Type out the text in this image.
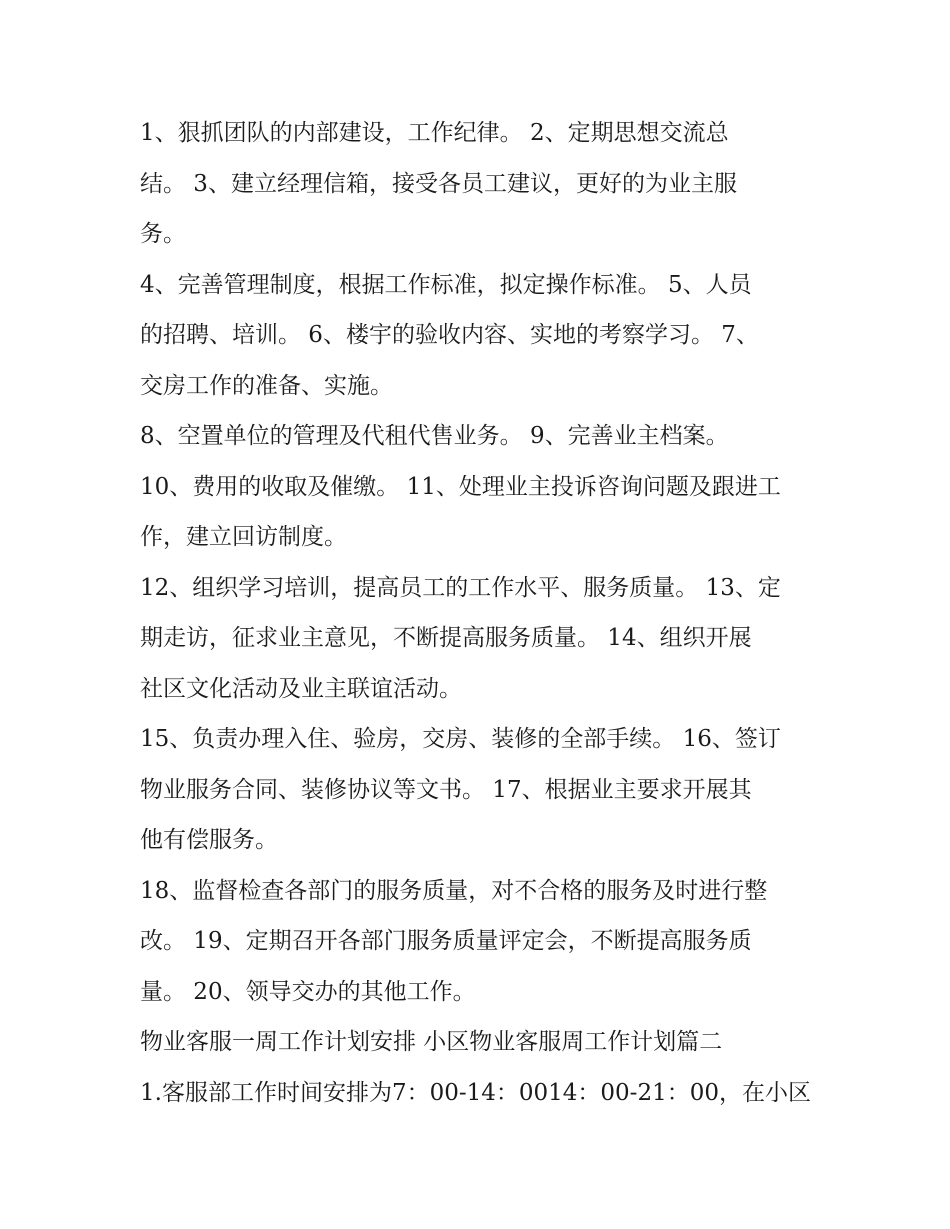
1、狠抓团队的内部建设，工作纪律。 2、定期思想交流总
结。 3、建立经理信箱，接受各员工建议，更好的为业主服
务。
4、完善管理制度，根据工作标准，拟定操作标准。 5、人员
的招聘、培训。 6、楼宇的验收内容、实地的考察学习。 7、
交房工作的准备、实施。
8、空置单位的管理及代租代售业务。 9、完善业主档案。
10、费用的收取及催缴。 11、处理业主投诉咨询问题及跟进工
作，建立回访制度。
12、组织学习培训，提高员工的工作水平、服务质量。 13、定
期走访，征求业主意见，不断提高服务质量。 14、组织开展
社区文化活动及业主联谊活动。
15、负责办理入住、验房，交房、装修的全部手续。 16、签订
物业服务合同、装修协议等文书。 17、根据业主要求开展其
他有偿服务。
18、监督检查各部门的服务质量，对不合格的服务及时进行整
改。 19、定期召开各部门服务质量评定会，不断提高服务质
量。 20、领导交办的其他工作。
物业客服一周工作计划安排 小区物业客服周工作计划篇二
1.客服部工作时间安排为7：00-14：0014：00-21：00，在小区
